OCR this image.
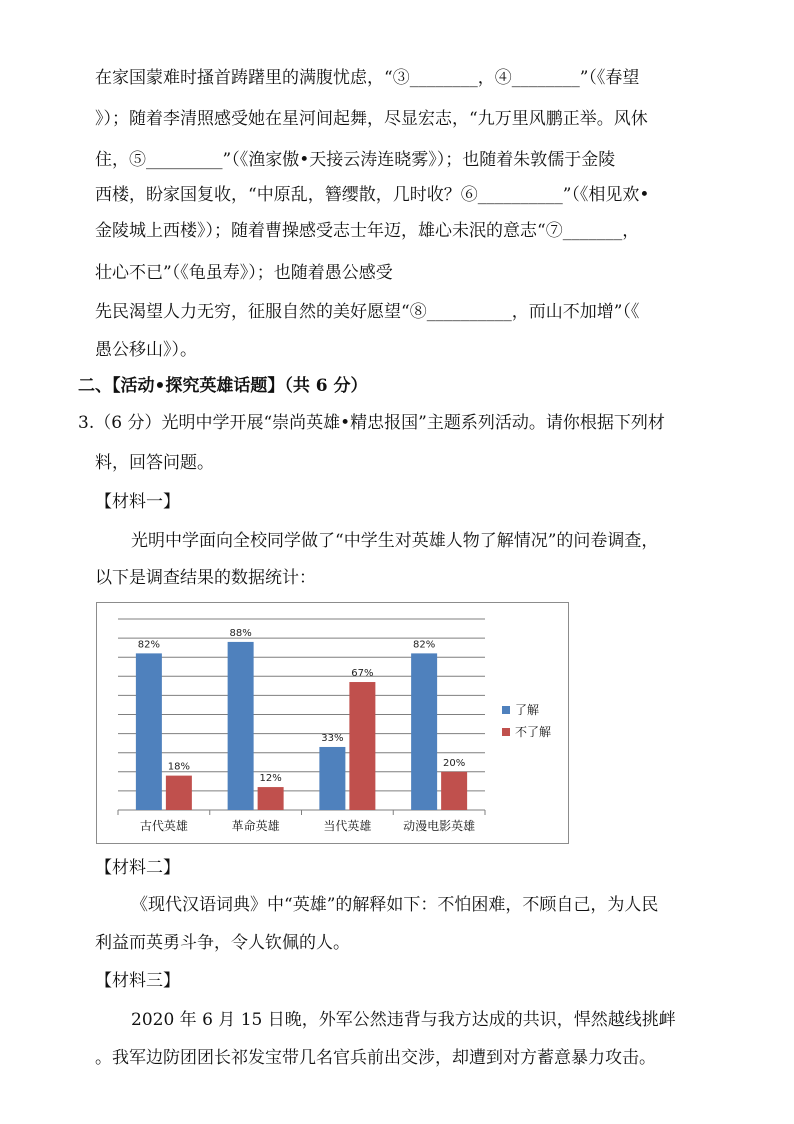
在家国蒙难时搔首踌躇里的满腹忧虑，“③________，④________”（《春望
》）；随着李清照感受她在星河间起舞，尽显宏志，“九万里风鹏正举。风休
住，⑤_________”（《渔家傲•天接云涛连晓雾》）；也随着朱敦儒于金陵
西楼，盼家国复收，“中原乱，簪缨散，几时收？⑥__________”（《相见欢•
金陵城上西楼》）；随着曹操感受志士年迈，雄心未泯的意志“⑦_______，
壮心不已”（《龟虽寿》）；也随着愚公感受
先民渴望人力无穷，征服自然的美好愿望“⑧__________，而山不加增”（《
愚公移山》）。
二、【活动•探究英雄话题】（共 6 分）
3.（6 分）光明中学开展“崇尚英雄•精忠报国”主题系列活动。请你根据下列材
料，回答问题。
【材料一】
光明中学面向全校同学做了“中学生对英雄人物了解情况”的问卷调查，
以下是调查结果的数据统计：
82%
18%
古代英雄
88%
12%
革命英雄
33%
67%
当代英雄
82%
20%
动漫电影英雄
了解
不了解
【材料二】
《现代汉语词典》中“英雄”的解释如下：不怕困难，不顾自己，为人民
利益而英勇斗争，令人钦佩的人。
【材料三】
2020 年 6 月 15 日晚，外军公然违背与我方达成的共识，悍然越线挑衅
。我军边防团团长祁发宝带几名官兵前出交涉，却遭到对方蓄意暴力攻击。
